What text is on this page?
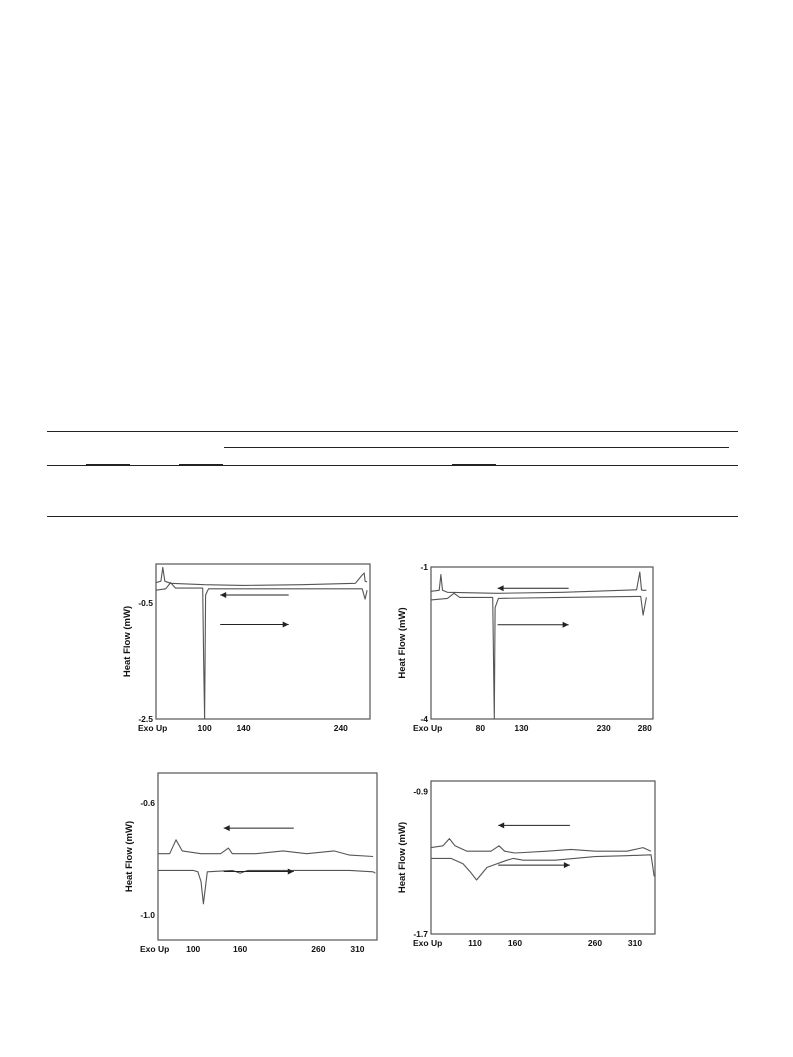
Heat Flow (mW)
-0.5
-2.5
Exo Up	100	140	240
Heat Flow (mW)
-1
-4
Exo Up	80	130	230	280
Heat Flow (mW)
-0.6
-1.0
Exo Up 100	160	260	310
Heat Flow (mW)
-0.9
-1.7
Exo Up	110	160	260	310
